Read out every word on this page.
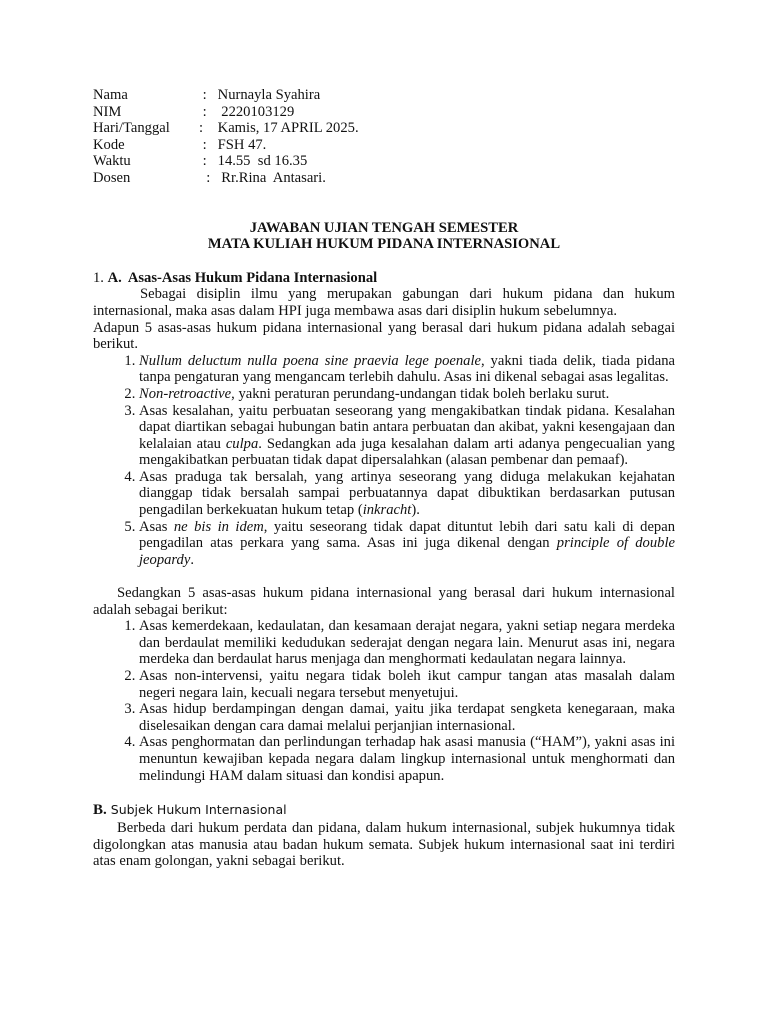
Nama	:   Nurnayla Syahira
NIM	:    2220103129
Hari/Tanggal	:    Kamis, 17 APRIL 2025.
Kode	:   FSH 47.
Waktu	:   14.55  sd 16.35
Dosen	:   Rr.Rina  Antasari.
JAWABAN UJIAN TENGAH SEMESTER
MATA KULIAH HUKUM PIDANA INTERNASIONAL
1. A. Asas-Asas Hukum Pidana Internasional

Sebagai disiplin ilmu yang merupakan gabungan dari hukum pidana dan hukum internasional, maka asas dalam HPI juga membawa asas dari disiplin hukum sebelumnya.

Adapun 5 asas-asas hukum pidana internasional yang berasal dari hukum pidana adalah sebagai berikut.

1. Nullum deluctum nulla poena sine praevia lege poenale, yakni tiada delik, tiada pidana tanpa pengaturan yang mengancam terlebih dahulu. Asas ini dikenal sebagai asas legalitas.
2. Non-retroactive, yakni peraturan perundang-undangan tidak boleh berlaku surut.
3. Asas kesalahan, yaitu perbuatan seseorang yang mengakibatkan tindak pidana. Kesalahan dapat diartikan sebagai hubungan batin antara perbuatan dan akibat, yakni kesengajaan dan kelalaian atau culpa. Sedangkan ada juga kesalahan dalam arti adanya pengecualian yang mengakibatkan perbuatan tidak dapat dipersalahkan (alasan pembenar dan pemaaf).
4. Asas praduga tak bersalah, yang artinya seseorang yang diduga melakukan kejahatan dianggap tidak bersalah sampai perbuatannya dapat dibuktikan berdasarkan putusan pengadilan berkekuatan hukum tetap (inkracht).
5. Asas ne bis in idem, yaitu seseorang tidak dapat dituntut lebih dari satu kali di depan pengadilan atas perkara yang sama. Asas ini juga dikenal dengan principle of double jeopardy.

Sedangkan 5 asas-asas hukum pidana internasional yang berasal dari hukum internasional adalah sebagai berikut:

1. Asas kemerdekaan, kedaulatan, dan kesamaan derajat negara, yakni setiap negara merdeka dan berdaulat memiliki kedudukan sederajat dengan negara lain. Menurut asas ini, negara merdeka dan berdaulat harus menjaga dan menghormati kedaulatan negara lainnya.
2. Asas non-intervensi, yaitu negara tidak boleh ikut campur tangan atas masalah dalam negeri negara lain, kecuali negara tersebut menyetujui.
3. Asas hidup berdampingan dengan damai, yaitu jika terdapat sengketa kenegaraan, maka diselesaikan dengan cara damai melalui perjanjian internasional.
4. Asas penghormatan dan perlindungan terhadap hak asasi manusia (“HAM”), yakni asas ini menuntun kewajiban kepada negara dalam lingkup internasional untuk menghormati dan melindungi HAM dalam situasi dan kondisi apapun.
B. Subjek Hukum Internasional

Berbeda dari hukum perdata dan pidana, dalam hukum internasional, subjek hukumnya tidak digolongkan atas manusia atau badan hukum semata. Subjek hukum internasional saat ini terdiri atas enam golongan, yakni sebagai berikut.
